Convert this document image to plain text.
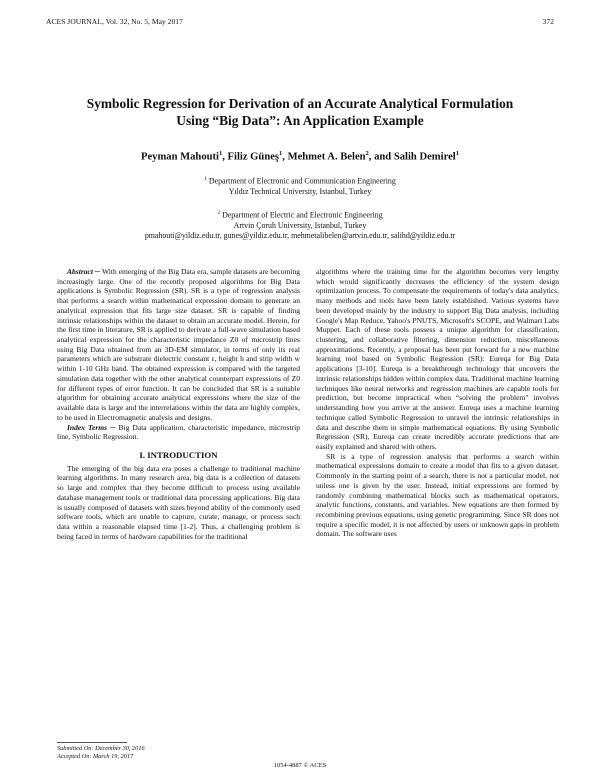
ACES JOURNAL, Vol. 32, No. 5, May 2017	372
Symbolic Regression for Derivation of an Accurate Analytical Formulation
Using “Big Data”: An Application Example
Peyman Mahouti$^1$, Filiz Güneş$^1$, Mehmet A. Belen$^2$, and Salih Demirel$^1$
$^1$ Department of Electronic and Communication Engineering
Yıldız Technical University, Istanbul, Turkey
$^2$ Department of Electric and Electronic Engineering
Artvin Çoruh University, Istanbul, Turkey
pmahouti@yildiz.edu.tr, gunes@yildiz.edu.tr, mehmetalibelen@artvin.edu.tr, salihd@yildiz.edu.tr

Abstract ─ With emerging of the Big Data era, sample datasets are becoming increasingly large. One of the recently proposed algorithms for Big Data applications is Symbolic Regression (SR). SR is a type of regression analysis that performs a search within mathematical expression domain to generate an analytical expression that fits large size dataset. SR is capable of finding intrinsic relationships within the dataset to obtain an accurate model. Herein, for the first time in literature, SR is applied to derivate a full-wave simulation based analytical expression for the characteristic impedance Z0 of microstrip lines using Big Data obtained from an 3D-EM simulator, in terms of only its real parameters which are substrate dielectric constant ε, height h and strip width w within 1-10 GHz band. The obtained expression is compared with the targeted simulation data together with the other analytical counterpart expressions of Z0 for different types of error function. It can be concluded that SR is a suitable algorithm for obtaining accurate analytical expressions where the size of the available data is large and the interrelations within the data are highly complex, to be used in Electromagnetic analysis and designs.

Index Terms ─ Big Data application, characteristic impedance, microstrip line, Symbolic Regression.

I. INTRODUCTION

The emerging of the big data era poses a challenge to traditional machine learning algorithms. In many research area, big data is a collection of datasets so large and complex that they become difficult to process using available database management tools or traditional data processing applications. Big data is usually composed of datasets with sizes beyond ability of the commonly used software tools, which are unable to capture, curate, manage, or process such data within a reasonable elapsed time [1-2]. Thus, a challenging problem is being faced in terms of hardware capabilities for the traditional

algorithms where the training time for the algorithm becomes very lengthy which would significantly decreases the efficiency of the system design optimization process. To compensate the requirements of today's data analytics, many methods and tools have been lately established. Various systems have been developed mainly by the industry to support Big Data analysis, including Google's Map Reduce, Yahoo's PNUTS, Microsoft's SCOPE, and Walmart Labs Muppet. Each of these tools possess a unique algorithm for classification, clustering, and collaborative filtering, dimension reduction, miscellaneous approximations. Recently, a proposal has been put forward for a new machine learning tool based on Symbolic Regression (SR): Eureqa for Big Data applications [3-10]. Eureqa is a breakthrough technology that uncovers the intrinsic relationships hidden within complex data. Traditional machine learning techniques like neural networks and regression machines are capable tools for prediction, but become impractical when “solving the problem” involves understanding how you arrive at the answer. Eureqa uses a machine learning technique called Symbolic Regression to unravel the intrinsic relationships in data and describe them in simple mathematical equations. By using Symbolic Regression (SR), Eureqa can create incredibly accurate predictions that are easily explained and shared with others.

SR is a type of regression analysis that performs a search within mathematical expressions domain to create a model that fits to a given dataset. Commonly in the starting point of a search, there is not a particular model, not unless one is given by the user. Instead, initial expressions are formed by randomly combining mathematical blocks such as mathematical operators, analytic functions, constants, and variables. New equations are then formed by recombining previous equations, using genetic programming. Since SR does not require a specific model, it is not affected by users or unknown gaps in problem domain. The software uses

Submitted On: December 30, 2016
Accepted On: March 19, 2017
1054-4887 © ACES
